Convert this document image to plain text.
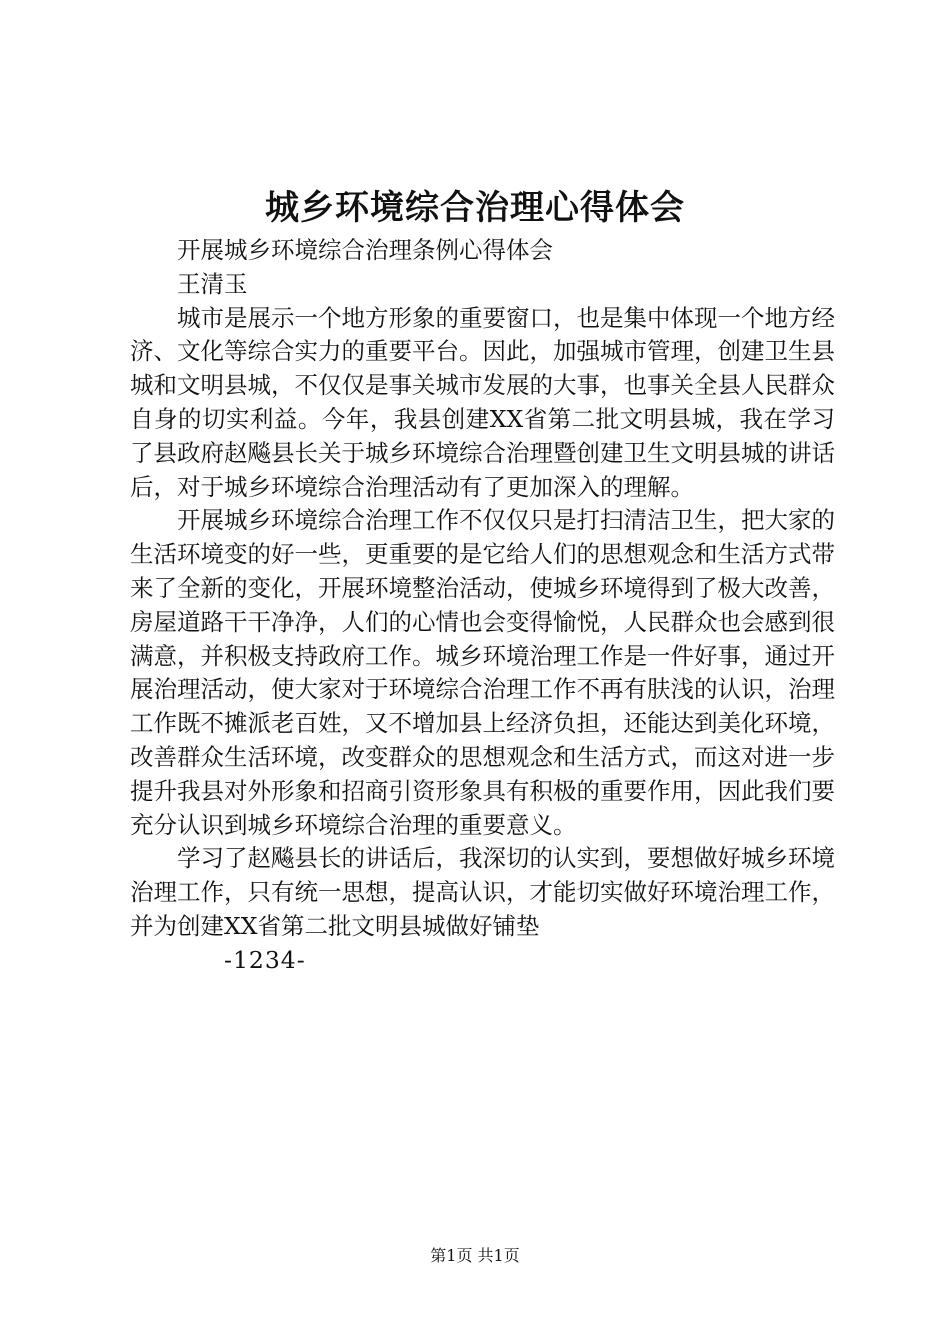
城乡环境综合治理心得体会

开展城乡环境综合治理条例心得体会

王清玉

城市是展示一个地方形象的重要窗口，也是集中体现一个地方经济、文化等综合实力的重要平台。因此，加强城市管理，创建卫生县城和文明县城，不仅仅是事关城市发展的大事，也事关全县人民群众自身的切实利益。今年，我县创建XX省第二批文明县城，我在学习了县政府赵飚县长关于城乡环境综合治理暨创建卫生文明县城的讲话后，对于城乡环境综合治理活动有了更加深入的理解。

开展城乡环境综合治理工作不仅仅只是打扫清洁卫生，把大家的生活环境变的好一些，更重要的是它给人们的思想观念和生活方式带来了全新的变化，开展环境整治活动，使城乡环境得到了极大改善，房屋道路干干净净，人们的心情也会变得愉悦，人民群众也会感到很满意，并积极支持政府工作。城乡环境治理工作是一件好事，通过开展治理活动，使大家对于环境综合治理工作不再有肤浅的认识，治理工作既不摊派老百姓，又不增加县上经济负担，还能达到美化环境，改善群众生活环境，改变群众的思想观念和生活方式，而这对进一步提升我县对外形象和招商引资形象具有积极的重要作用，因此我们要充分认识到城乡环境综合治理的重要意义。

学习了赵飚县长的讲话后，我深切的认实到，要想做好城乡环境治理工作，只有统一思想，提高认识，才能切实做好环境治理工作，并为创建XX省第二批文明县城做好铺垫

-1234-

第1页 共1页
